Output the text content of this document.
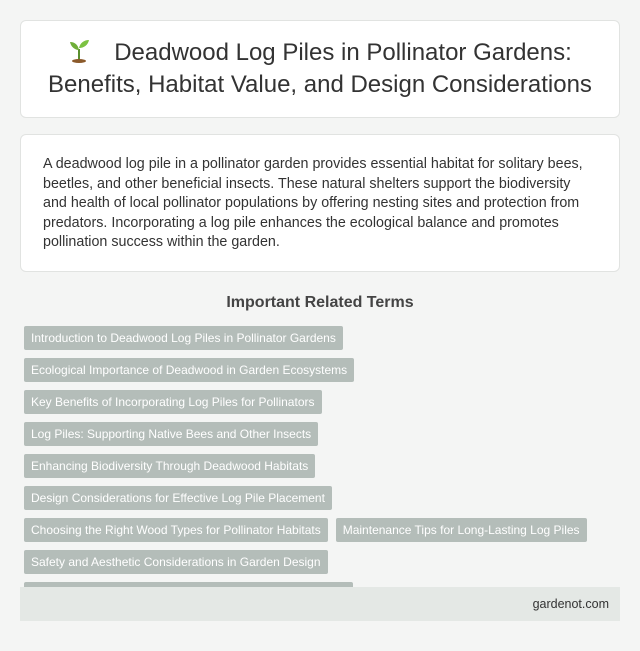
Deadwood Log Piles in Pollinator Gardens: Benefits, Habitat Value, and Design Considerations

A deadwood log pile in a pollinator garden provides essential habitat for solitary bees, beetles, and other beneficial insects. These natural shelters support the biodiversity and health of local pollinator populations by offering nesting sites and protection from predators. Incorporating a log pile enhances the ecological balance and promotes pollination success within the garden.

Important Related Terms
Introduction to Deadwood Log Piles in Pollinator Gardens
Ecological Importance of Deadwood in Garden Ecosystems
Key Benefits of Incorporating Log Piles for Pollinators
Log Piles: Supporting Native Bees and Other Insects
Enhancing Biodiversity Through Deadwood Habitats
Design Considerations for Effective Log Pile Placement
Choosing the Right Wood Types for Pollinator Habitats	Maintenance Tips for Long-Lasting Log Piles
Safety and Aesthetic Considerations in Garden Design
gardenot.com
